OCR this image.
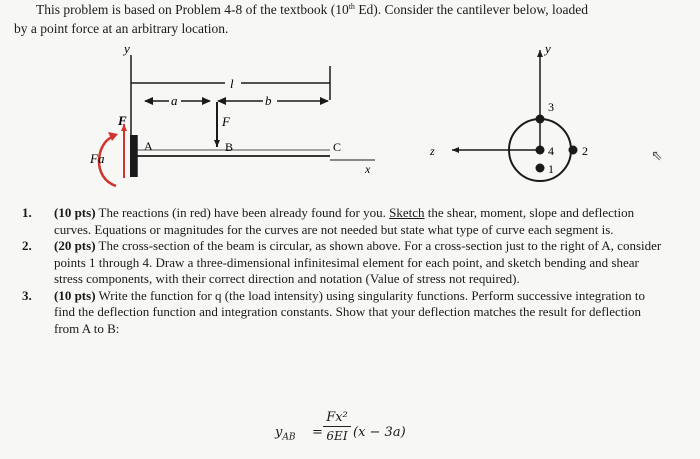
This problem is based on Problem 4-8 of the textbook (10th Ed). Consider the cantilever below, loaded
by a point force at an arbitrary location.
y
l
a	b
F
Fa
F
A	B	C
x
y
z
3
4 2
1
⇖
1.	(10 pts) The reactions (in red) have been already found for you. Sketch the shear, moment, slope and deflection curves. Equations or magnitudes for the curves are not needed but state what type of curve each segment is.
2.	(20 pts) The cross-section of the beam is circular, as shown above. For a cross-section just to the right of A, consider points 1 through 4. Draw a three-dimensional infinitesimal element for each point, and sketch bending and shear stress components, with their correct direction and notation (Value of stress not required).
3.	(10 pts) Write the function for q (the load intensity) using singularity functions. Perform successive integration to find the deflection function and integration constants. Show that your deflection matches the result for deflection from A to B:
$y_{AB}$ =
Fx²
6EI (x − 3a)
